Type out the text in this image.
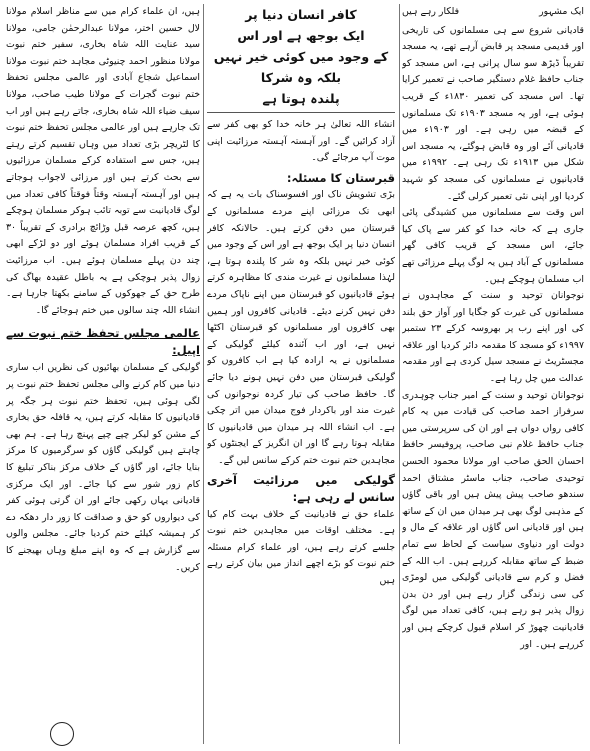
ایک مشہور
فلکار رہے ہیں

قادیانی شروع سے ہی مسلمانوں کی تاریخی اور قدیمی مسجد پر قابض آرہے تھے، یہ مسجد تقریباً ڈیڑھ سو سال پرانی ہے، اس مسجد کو جناب حافظ غلام دستگیر صاحب نے تعمیر کرایا تھا۔ اس مسجد کی تعمیر ۱۸۳۰ء کے قریب ہوئی ہے، اور یہ مسجد ۱۹۰۳ء تک مسلمانوں کے قبضہ میں رہی ہے۔ اور ۱۹۰۳ء میں قادیانی آئے اور وہ قابض ہوگئے، یہ مسجد اس شکل میں ۱۹۱۳ء تک رہی ہے۔ ۱۹۹۲ء میں قادیانیوں نے مسلمانوں کی مسجد کو شہید کردیا اور اپنی نئی تعمیر کرلی گئے۔

اس وقت سے مسلمانوں میں کشیدگی پائی جاری ہے کہ خانہ خدا کو کفر سے پاک کیا جائے، اس مسجد کے قریب کافی گھر مسلمانوں کے آباد ہیں یہ لوگ پہلے مرزائی تھے اب مسلمان ہوچکے ہیں۔

نوجوانان توحید و سنت کے مجاہدوں نے مسلمانوں کی غیرت کو جگایا اور آواز حق بلند کی اور اپنے رب پر بھروسہ کرکے ۲۳ ستمبر ۱۹۹۷ء کو مسجد کا مقدمہ دائر کردیا اور علاقہ مجسٹریٹ نے مسجد سیل کردی ہے اور مقدمہ عدالت میں چل رہا ہے۔

نوجوانان توحید و سنت کے امیر جناب چوہدری سرفراز احمد صاحب کی قیادت میں یہ کام کافی رواں دواں ہے اور ان کی سرپرستی میں جناب حافظ غلام نبی صاحب، پروفیسر حافظ احسان الحق صاحب اور مولانا محمود الحسن توحیدی صاحب، جناب ماسٹر مشتاق احمد سندھو صاحب پیش پیش ہیں اور باقی گاؤں کے مذہبی لوگ بھی ہر میدان میں ان کے ساتھ ہیں اور قادیانی اس گاؤں اور علاقہ کے مال و دولت اور دنیاوی سیاست کے لحاظ سے تمام ضبط کے ساتھ مقابلہ کررہے ہیں۔ اب اللہ کے فضل و کرم سے قادیانی گولیکی میں لومڑی کی سی زندگی گزار رہے ہیں اور دن بدن زوال پذیر ہو رہے ہیں، کافی تعداد میں لوگ قادیانیت چھوڑ کر اسلام قبول کرچکے ہیں اور کررہے ہیں۔ اور

کافر انسان دنیا پر
ایک بوجھ ہے اور اس
کے وجود میں کوئی خیر نہیں بلکہ وہ شرکا
پلندہ ہوتا ہے

انشاء اللہ تعالیٰ ہر خانہ خدا کو بھی کفر سے آزاد کرائیں گے۔ اور آہستہ آہستہ مرزائیت اپنی موت آپ مرجائے گی۔

قبرستان کا مسئلہ:

بڑی تشویش ناک اور افسوسناک بات یہ ہے کہ ابھی تک مرزائی اپنے مردے مسلمانوں کے قبرستان میں دفن کرتے ہیں۔ حالانکہ کافر انسان دنیا پر ایک بوجھ ہے اور اس کے وجود میں کوئی خیر نہیں بلکہ وہ شر کا پلندہ ہوتا ہے، لہٰذا مسلمانوں نے غیرت مندی کا مظاہرہ کرتے ہوئے قادیانیوں کو قبرستان میں اپنے ناپاک مردے دفن نہیں کرنے دیئے۔ قادیانی کافروں اور ہمیں بھی کافروں اور مسلمانوں کو قبرستان اکٹھا نہیں ہے، اور اب آئندہ کیلئے گولیکی کے مسلمانوں نے یہ ارادہ کیا ہے اب کافروں کو گولیکی قبرستان میں دفن نہیں ہونے دیا جائے گا۔ حافظ صاحب کی تیار کردہ نوجوانوں کی غیرت مند اور باکردار فوج میدان میں اتر چکی ہے۔ اب انشاء اللہ ہر میدان میں قادیانیوں کا مقابلہ ہوتا رہے گا اور ان انگریز کے ایجنٹوں کو مجاہدین ختم نبوت ختم کرکے سانس لیں گے۔

گولیکی میں مرزائیت آخری سانس لے رہی ہے:

علماء حق نے قادیانیت کے خلاف بہت کام کیا ہے۔ مختلف اوقات میں مجاہدین ختم نبوت جلسے کرتے رہے ہیں، اور علماء کرام مسئلہ ختم نبوت کو بڑے اچھے انداز میں بیان کرتے رہے ہیں

ہیں، ان علماء کرام میں سے مناظر اسلام مولانا لال حسین اختر، مولانا عبدالرحمٰن جامی، مولانا سید عنایت اللہ شاہ بخاری، سفیر ختم نبوت مولانا منظور احمد چنیوٹی مجاہد ختم نبوت مولانا اسماعیل شجاع آبادی اور عالمی مجلس تحفظ ختم نبوت گجرات کے مولانا طیب صاحب، مولانا سیف ضیاء اللہ شاہ بخاری، جاتے رہے ہیں اور اب تک جارہے ہیں اور عالمی مجلس تحفظ ختم نبوت کا لٹریچر بڑی تعداد میں وہاں تقسیم کرتے رہتے ہیں، جس سے استفادہ کرکے مسلمان مرزائیوں سے بحث کرتے ہیں اور مرزائی لاجواب ہوجاتے ہیں اور آہستہ آہستہ وقتاً فوقتاً کافی تعداد میں لوگ قادیانیت سے توبہ تائب ہوکر مسلمان ہوچکے ہیں، کچھ عرصہ قبل وڑائچ برادری کے تقریباً ۳۰ کے قریب افراد مسلمان ہوئے اور دو لڑکے ابھی چند دن پہلے مسلمان ہوئے ہیں۔ اب مرزائیت زوال پذیر ہوچکی ہے یہ باطل عقیدہ بھاگ کی طرح حق کے جھوکوں کے سامنے بکھتا جارہا ہے۔ انشاء اللہ چند سالوں میں ختم ہوجائے گا۔

عالمی مجلس تحفظ ختم نبوت سے اپیل:

گولیکی کے مسلمان بھائیوں کی نظریں اب ساری دنیا میں کام کرنے والی مجلس تحفظ ختم نبوت پر لگی ہوئی ہیں، تحفظ ختم نبوت ہر جگہ پر قادیانیوں کا مقابلہ کرتے ہیں، یہ قافلہ حق بخاری کے مشن کو لیکر چپے چپے پہنچ رہا ہے۔ ہم بھی چاہتے ہیں گولیکی گاؤں کو سرگرمیوں کا مرکز بنایا جائے، اور گاؤں کے خلاف مرکز بناکر تبلیغ کا کام زور شور سے کیا جائے۔ اور ایک مرکزی قادیانی یہاں رکھی جائے اور ان گرتی ہوئی کفر کی دیواروں کو حق و صداقت کا زور دار دھکہ دے کر ہمیشہ کیلئے ختم کردیا جائے۔ مجلس والوں سے گزارش ہے کہ وہ اپنے مبلغ وہاں بھیجنے کا کریں۔
